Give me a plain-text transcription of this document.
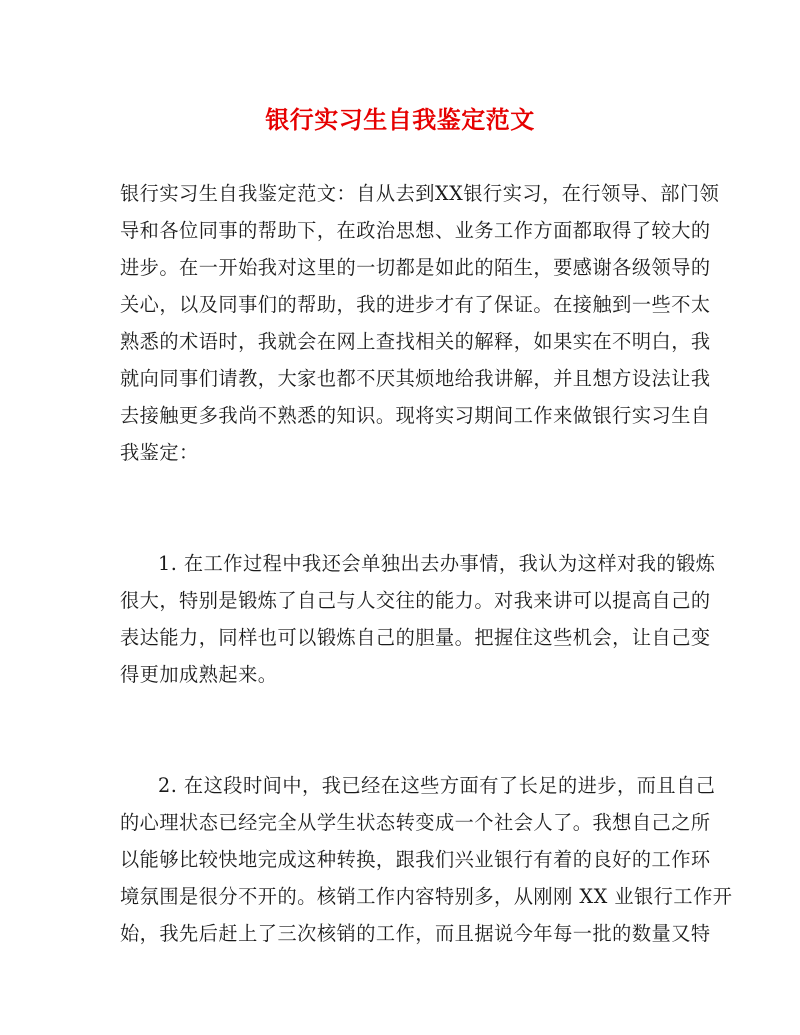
银行实习生自我鉴定范文
银行实习生自我鉴定范文：自从去到XX银行实习，在行领导、部门领
导和各位同事的帮助下，在政治思想、业务工作方面都取得了较大的
进步。在一开始我对这里的一切都是如此的陌生，要感谢各级领导的
关心，以及同事们的帮助，我的进步才有了保证。在接触到一些不太
熟悉的术语时，我就会在网上查找相关的解释，如果实在不明白，我
就向同事们请教，大家也都不厌其烦地给我讲解，并且想方设法让我
去接触更多我尚不熟悉的知识。现将实习期间工作来做银行实习生自
我鉴定：
1. 在工作过程中我还会单独出去办事情，我认为这样对我的锻炼
很大，特别是锻炼了自己与人交往的能力。对我来讲可以提高自己的
表达能力，同样也可以锻炼自己的胆量。把握住这些机会，让自己变
得更加成熟起来。
2. 在这段时间中，我已经在这些方面有了长足的进步，而且自己
的心理状态已经完全从学生状态转变成一个社会人了。我想自己之所
以能够比较快地完成这种转换，跟我们兴业银行有着的良好的工作环
境氛围是很分不开的。核销工作内容特别多，从刚刚 XX 业银行工作开
始，我先后赶上了三次核销的工作，而且据说今年每一批的数量又特
